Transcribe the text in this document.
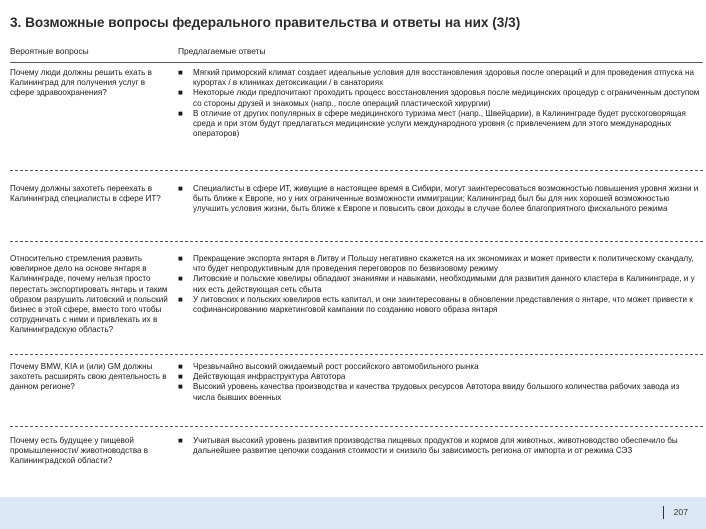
3. Возможные вопросы федерального правительства и ответы на них (3/3)
Вероятные вопросы	Предлагаемые ответы
Почему люди должны решить ехать в Калининград для получения услуг в сфере здравоохранения?
■ Мягкий приморский климат создает идеальные условия для восстановления здоровья после операций и для проведения отпуска на курортах / в клиниках детоксикации / в санаториях
■ Некоторые люди предпочитают проходить процесс восстановления здоровья после медицинских процедур с ограниченным доступом со стороны друзей и знакомых (напр., после операций пластической хирургии)
■ В отличие от других популярных в сфере медицинского туризма мест (напр., Швейцарии), в Калининграде будет русскоговорящая среда и при этом будут предлагаться медицинские услуги международного уровня (с привлечением для этого международных операторов)
Почему должны захотеть переехать в Калининград специалисты в сфере ИТ?
■ Специалисты в сфере ИТ, живущие в настоящее время в Сибири, могут заинтересоваться возможностью повышения уровня жизни и быть ближе к Европе, но у них ограниченные возможности иммиграции; Калининград был бы для них хорошей возможностью улучшить условия жизни, быть ближе к Европе и повысить свои доходы в случае более благоприятного фискального режима
Относительно стремления развить ювелирное дело на основе янтаря в Калининграде, почему нельзя просто перестать экспортировать янтарь и таким образом разрушить литовский и польский бизнес в этой сфере, вместо того чтобы сотрудничать с ними и привлекать их в Калининградскую область?
■ Прекращение экспорта янтаря в Литву и Польшу негативно скажется на их экономиках и может привести к политическому скандалу, что будет непродуктивным для проведения переговоров по безвизовому режиму
■ Литовские и польские ювелиры обладают знаниями и навыками, необходимыми для развития данного кластера в Калининграде, и у них есть действующая сеть сбыта
■ У литовских и польских ювелиров есть капитал, и они заинтересованы в обновлении представления о янтаре, что может привести к софинансированию маркетинговой кампании по созданию нового образа янтаря
Почему BMW, KIA и (или) GM должны захотеть расширять свою деятельность в данном регионе?
■ Чрезвычайно высокий ожидаемый рост российского автомобильного рынка
■ Действующая инфраструктура Автотора
■ Высокий уровень качества производства и качества трудовых ресурсов Автотора ввиду большого количества рабочих завода из числа бывших военных
Почему есть будущее у пищевой промышленности/ животноводства в Калининградской области?
■ Учитывая высокий уровень развития производства пищевых продуктов и кормов для животных, животноводство обеспечило бы дальнейшее развитие цепочки создания стоимости и снизило бы зависимость региона от импорта и от режима СЭЗ
207
